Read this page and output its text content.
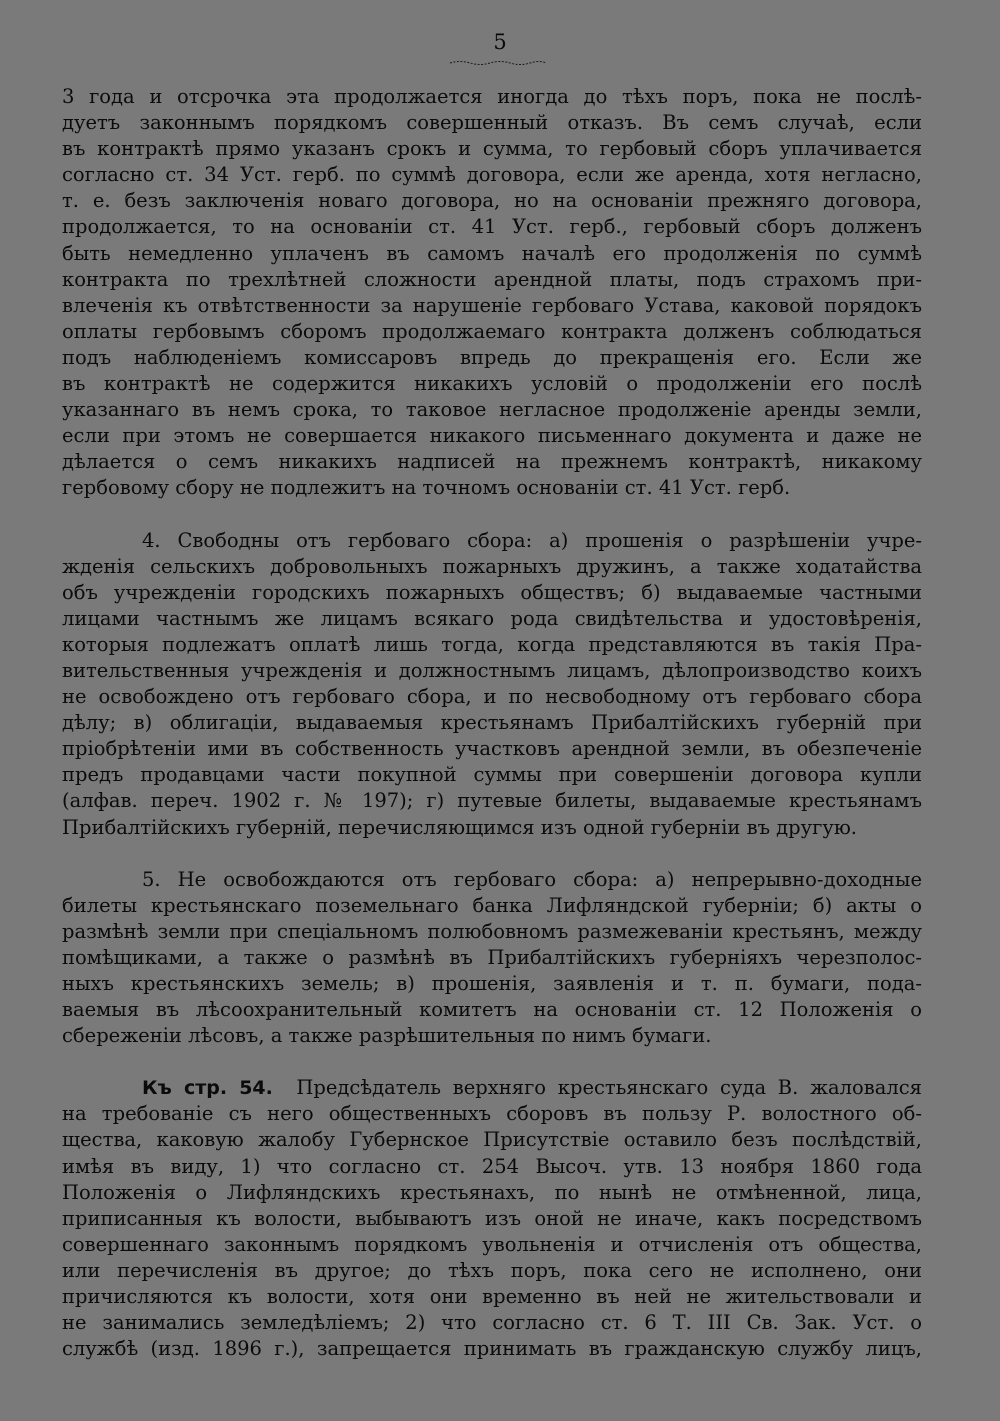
5
3 года и отсрочка эта продолжается иногда до тѣхъ поръ, пока не послѣ-
дуетъ законнымъ порядкомъ совершенный отказъ. Въ семъ случаѣ, если
въ контрактѣ прямо указанъ срокъ и сумма, то гербовый сборъ уплачивается
согласно ст. 34 Уст. герб. по суммѣ договора, если же аренда, хотя негласно,
т. е. безъ заключенія новаго договора, но на основаніи прежняго договора,
продолжается, то на основаніи ст. 41 Уст. герб., гербовый сборъ долженъ
быть немедленно уплаченъ въ самомъ началѣ его продолженія по суммѣ
контракта по трехлѣтней сложности арендной платы, подъ страхомъ при-
влеченія къ отвѣтственности за нарушеніе гербоваго Устава, каковой порядокъ
оплаты гербовымъ сборомъ продолжаемаго контракта долженъ соблюдаться
подъ наблюденіемъ комиссаровъ впредь до прекращенія его. Если же
въ контрактѣ не содержится никакихъ условій о продолженіи его послѣ
указаннаго въ немъ срока, то таковое негласное продолженіе аренды земли,
если при этомъ не совершается никакого письменнаго документа и даже не
дѣлается о семъ никакихъ надписей на прежнемъ контрактѣ, никакому
гербовому сбору не подлежитъ на точномъ основаніи ст. 41 Уст. герб.
4. Свободны отъ гербоваго сбора: а) прошенія о разрѣшеніи учре-
жденія сельскихъ добровольныхъ пожарныхъ дружинъ, а также ходатайства
объ учрежденіи городскихъ пожарныхъ обществъ; б) выдаваемые частными
лицами частнымъ же лицамъ всякаго рода свидѣтельства и удостовѣренія,
которыя подлежатъ оплатѣ лишь тогда, когда представляются въ такія Пра-
вительственныя учрежденія и должностнымъ лицамъ, дѣлопроизводство коихъ
не освобождено отъ гербоваго сбора, и по несвободному отъ гербоваго сбора
дѣлу; в) облигаціи, выдаваемыя крестьянамъ Прибалтійскихъ губерній при
пріобрѣтеніи ими въ собственность участковъ арендной земли, въ обезпеченіе
предъ продавцами части покупной суммы при совершеніи договора купли
(алфав. переч. 1902 г. № 197); г) путевые билеты, выдаваемые крестьянамъ
Прибалтійскихъ губерній, перечисляющимся изъ одной губерніи въ другую.
5. Не освобождаются отъ гербоваго сбора: а) непрерывно-доходные
билеты крестьянскаго поземельнаго банка Лифляндской губерніи; б) акты о
размѣнѣ земли при спеціальномъ полюбовномъ размежеваніи крестьянъ, между
помѣщиками, а также о размѣнѣ въ Прибалтійскихъ губерніяхъ черезполос-
ныхъ крестьянскихъ земель; в) прошенія, заявленія и т. п. бумаги, пода-
ваемыя въ лѣсоохранительный комитетъ на основаніи ст. 12 Положенія о
сбереженіи лѣсовъ, а также разрѣшительныя по нимъ бумаги.
Къ стр. 54. Предсѣдатель верхняго крестьянскаго суда В. жаловался
на требованіе съ него общественныхъ сборовъ въ пользу Р. волостного об-
щества, каковую жалобу Губернское Присутствіе оставило безъ послѣдствій,
имѣя въ виду, 1) что согласно ст. 254 Высоч. утв. 13 ноября 1860 года
Положенія о Лифляндскихъ крестьянахъ, по нынѣ не отмѣненной, лица,
приписанныя къ волости, выбываютъ изъ оной не иначе, какъ посредствомъ
совершеннаго законнымъ порядкомъ увольненія и отчисленія отъ общества,
или перечисленія въ другое; до тѣхъ поръ, пока сего не исполнено, они
причисляются къ волости, хотя они временно въ ней не жительствовали и
не занимались земледѣліемъ; 2) что согласно ст. 6 Т. III Св. Зак. Уст. о
службѣ (изд. 1896 г.), запрещается принимать въ гражданскую службу лицъ,
